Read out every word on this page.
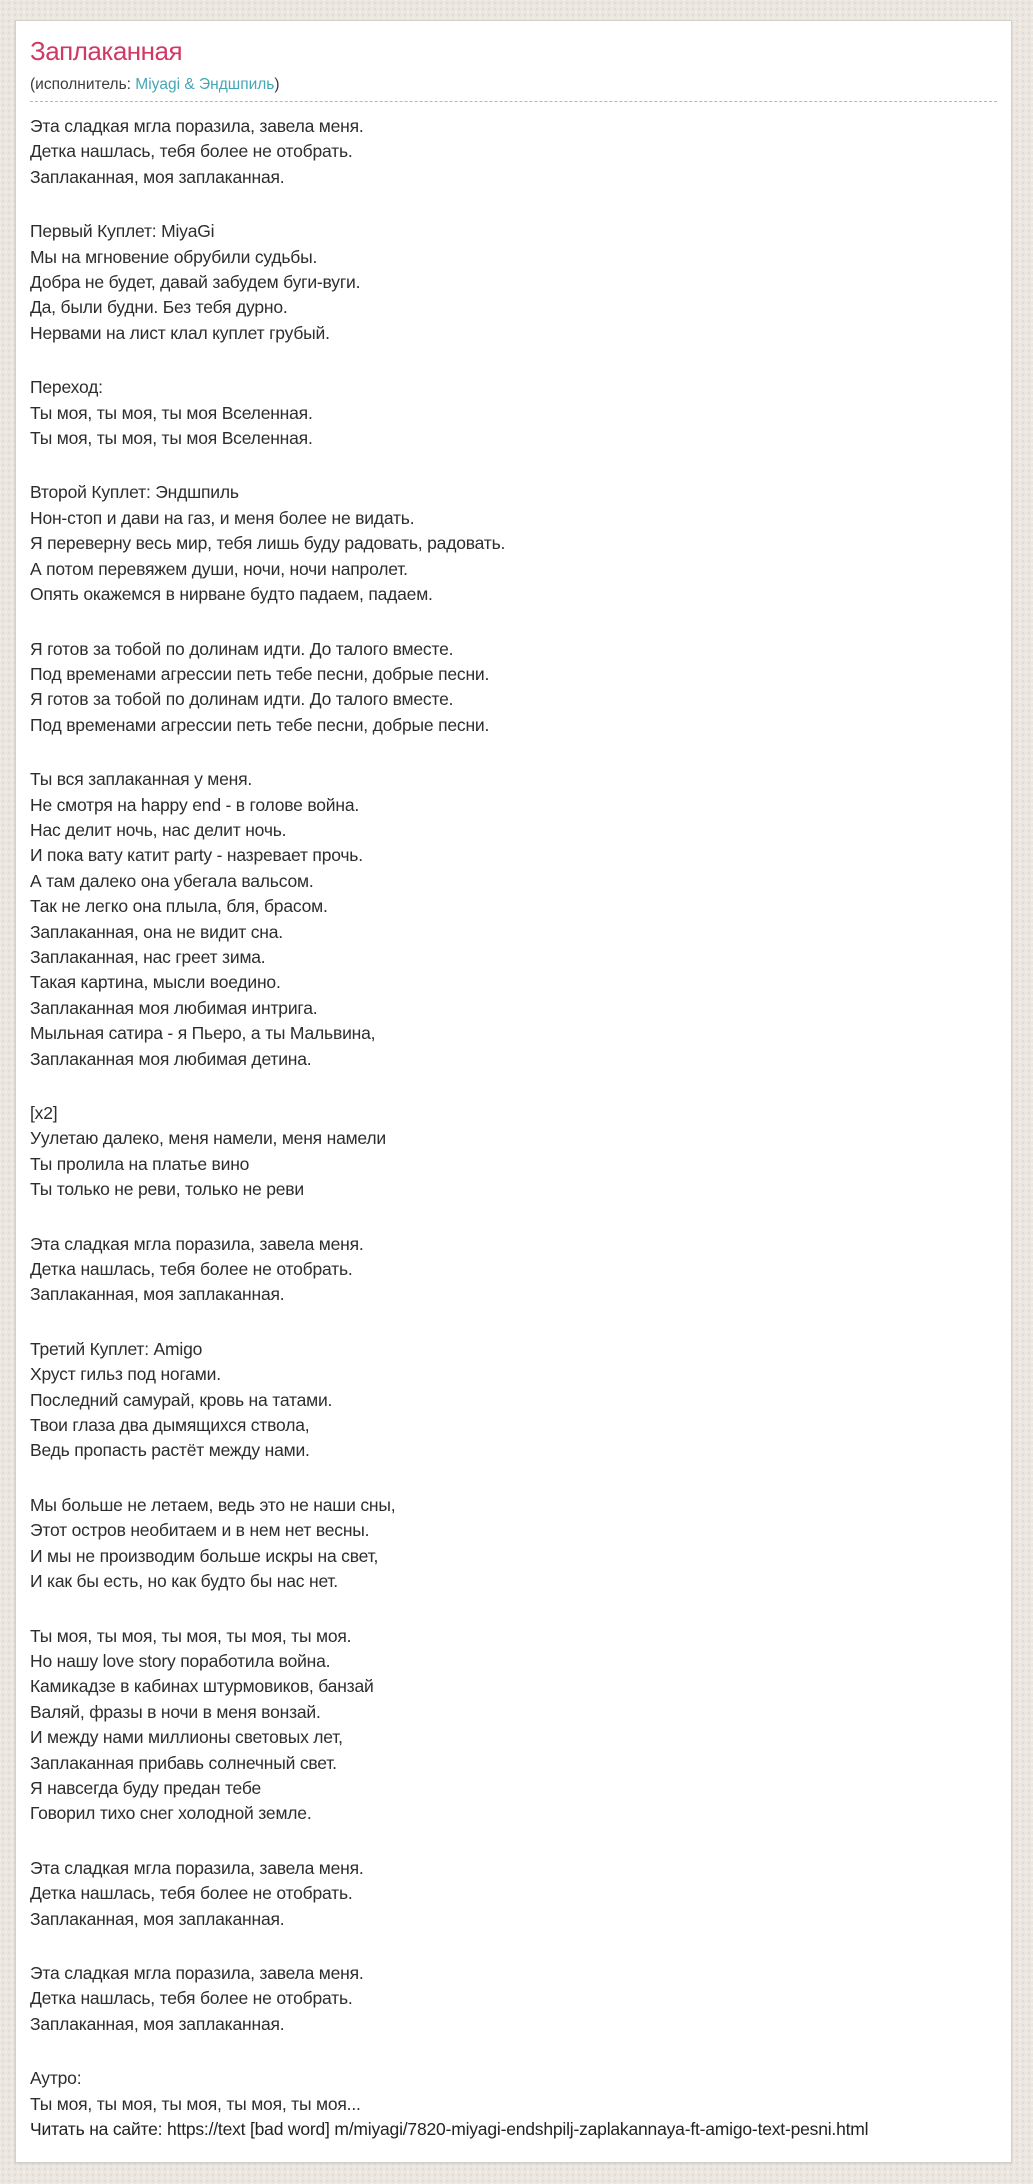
Заплаканная
(исполнитель: Miyagi & Эндшпиль)
Эта сладкая мгла поразила, завела меня.
Детка нашлась, тебя более не отобрать.
Заплаканная, моя заплаканная.
Первый Куплет: MiyaGi
Мы на мгновение обрубили судьбы.
Добра не будет, давай забудем буги-вуги.
Да, были будни. Без тебя дурно.
Нервами на лист клал куплет грубый.
Переход:
Ты моя, ты моя, ты моя Вселенная.
Ты моя, ты моя, ты моя Вселенная.
Второй Куплет: Эндшпиль
Нон-стоп и дави на газ, и меня более не видать.
Я переверну весь мир, тебя лишь буду радовать, радовать.
А потом перевяжем души, ночи, ночи напролет.
Опять окажемся в нирване будто падаем, падаем.
Я готов за тобой по долинам идти. До талого вместе.
Под временами агрессии петь тебе песни, добрые песни.
Я готов за тобой по долинам идти. До талого вместе.
Под временами агрессии петь тебе песни, добрые песни.
Ты вся заплаканная у меня.
Не смотря на happy end - в голове война.
Нас делит ночь, нас делит ночь.
И пока вату катит party - назревает прочь.
А там далеко она убегала вальсом.
Так не легко она плыла, бля, брасом.
Заплаканная, она не видит сна.
Заплаканная, нас греет зима.
Такая картина, мысли воедино.
Заплаканная моя любимая интрига.
Мыльная сатира - я Пьеро, а ты Мальвина,
Заплаканная моя любимая детина.
[x2]
Уулетаю далеко, меня намели, меня намели
Ты пролила на платье вино
Ты только не реви, только не реви
Эта сладкая мгла поразила, завела меня.
Детка нашлась, тебя более не отобрать.
Заплаканная, моя заплаканная.
Третий Куплет: Amigo
Хруст гильз под ногами.
Последний самурай, кровь на татами.
Твои глаза два дымящихся ствола,
Ведь пропасть растёт между нами.
Мы больше не летаем, ведь это не наши сны,
Этот остров необитаем и в нем нет весны.
И мы не производим больше искры на свет,
И как бы есть, но как будто бы нас нет.
Ты моя, ты моя, ты моя, ты моя, ты моя.
Но нашу love story поработила война.
Камикадзе в кабинах штурмовиков, банзай
Валяй, фразы в ночи в меня вонзай.
И между нами миллионы световых лет,
Заплаканная прибавь солнечный свет.
Я навсегда буду предан тебе
Говорил тихо снег холодной земле.
Эта сладкая мгла поразила, завела меня.
Детка нашлась, тебя более не отобрать.
Заплаканная, моя заплаканная.
Эта сладкая мгла поразила, завела меня.
Детка нашлась, тебя более не отобрать.
Заплаканная, моя заплаканная.
Аутро:
Ты моя, ты моя, ты моя, ты моя, ты моя...
Читать на сайте: https://text [bad word] m/miyagi/7820-miyagi-endshpilj-zaplakannaya-ft-amigo-text-pesni.html
